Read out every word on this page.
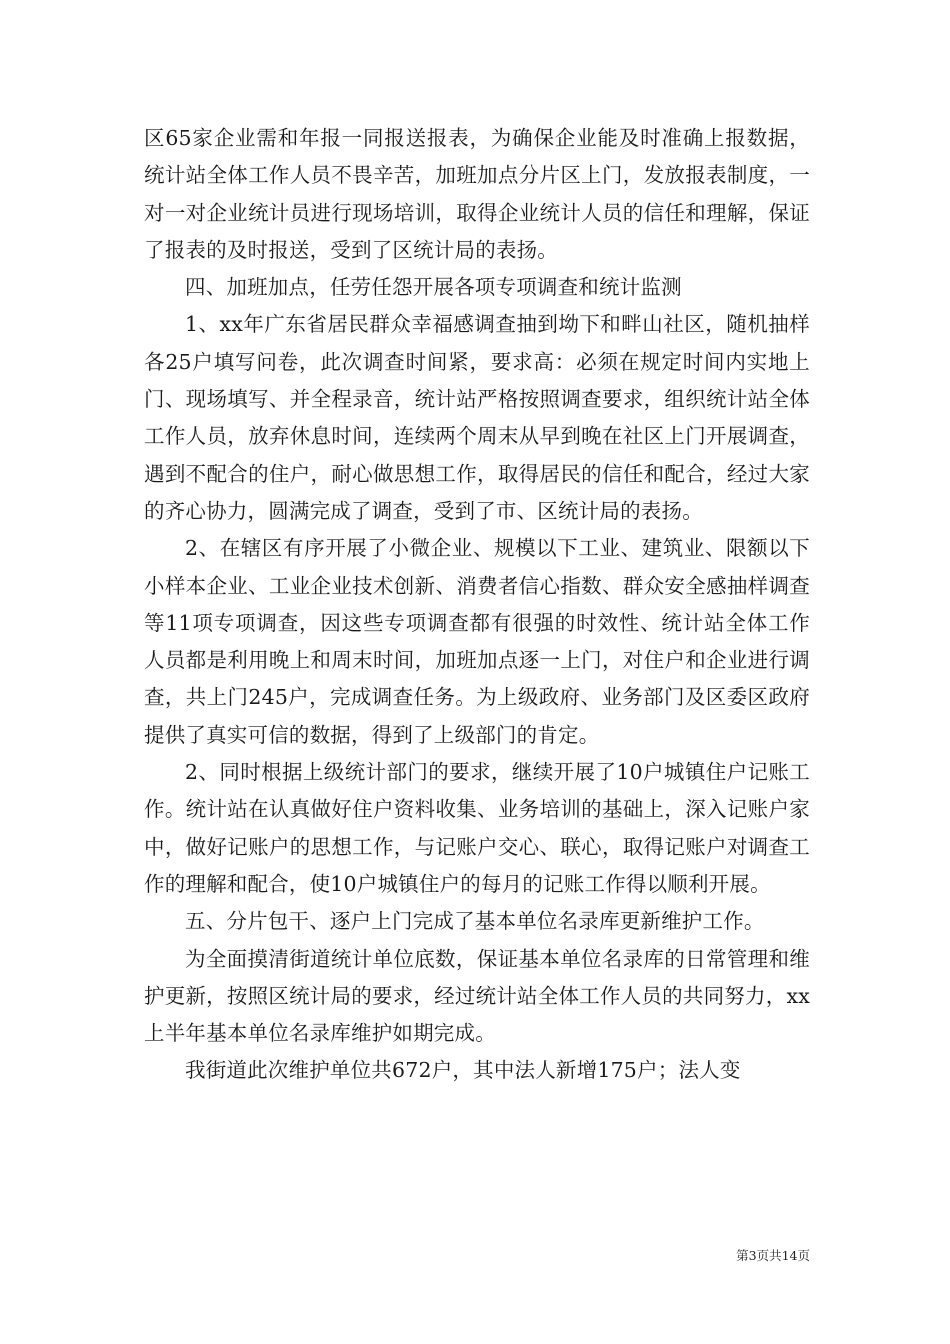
区65家企业需和年报一同报送报表，为确保企业能及时准确上报数据，统计站全体工作人员不畏辛苦，加班加点分片区上门，发放报表制度，一对一对企业统计员进行现场培训，取得企业统计人员的信任和理解，保证了报表的及时报送，受到了区统计局的表扬。

四、加班加点，任劳任怨开展各项专项调查和统计监测

1、xx年广东省居民群众幸福感调查抽到坳下和畔山社区，随机抽样各25户填写问卷，此次调查时间紧，要求高：必须在规定时间内实地上门、现场填写、并全程录音，统计站严格按照调查要求，组织统计站全体工作人员，放弃休息时间，连续两个周末从早到晚在社区上门开展调查，遇到不配合的住户，耐心做思想工作，取得居民的信任和配合，经过大家的齐心协力，圆满完成了调查，受到了市、区统计局的表扬。

2、在辖区有序开展了小微企业、规模以下工业、建筑业、限额以下小样本企业、工业企业技术创新、消费者信心指数、群众安全感抽样调查等11项专项调查，因这些专项调查都有很强的时效性、统计站全体工作人员都是利用晚上和周末时间，加班加点逐一上门，对住户和企业进行调查，共上门245户，完成调查任务。为上级政府、业务部门及区委区政府提供了真实可信的数据，得到了上级部门的肯定。

2、同时根据上级统计部门的要求，继续开展了10户城镇住户记账工作。统计站在认真做好住户资料收集、业务培训的基础上，深入记账户家中，做好记账户的思想工作，与记账户交心、联心，取得记账户对调查工作的理解和配合，使10户城镇住户的每月的记账工作得以顺利开展。

五、分片包干、逐户上门完成了基本单位名录库更新维护工作。

为全面摸清街道统计单位底数，保证基本单位名录库的日常管理和维护更新，按照区统计局的要求，经过统计站全体工作人员的共同努力，xx上半年基本单位名录库维护如期完成。

我街道此次维护单位共672户，其中法人新增175户；法人变

第3页共14页
